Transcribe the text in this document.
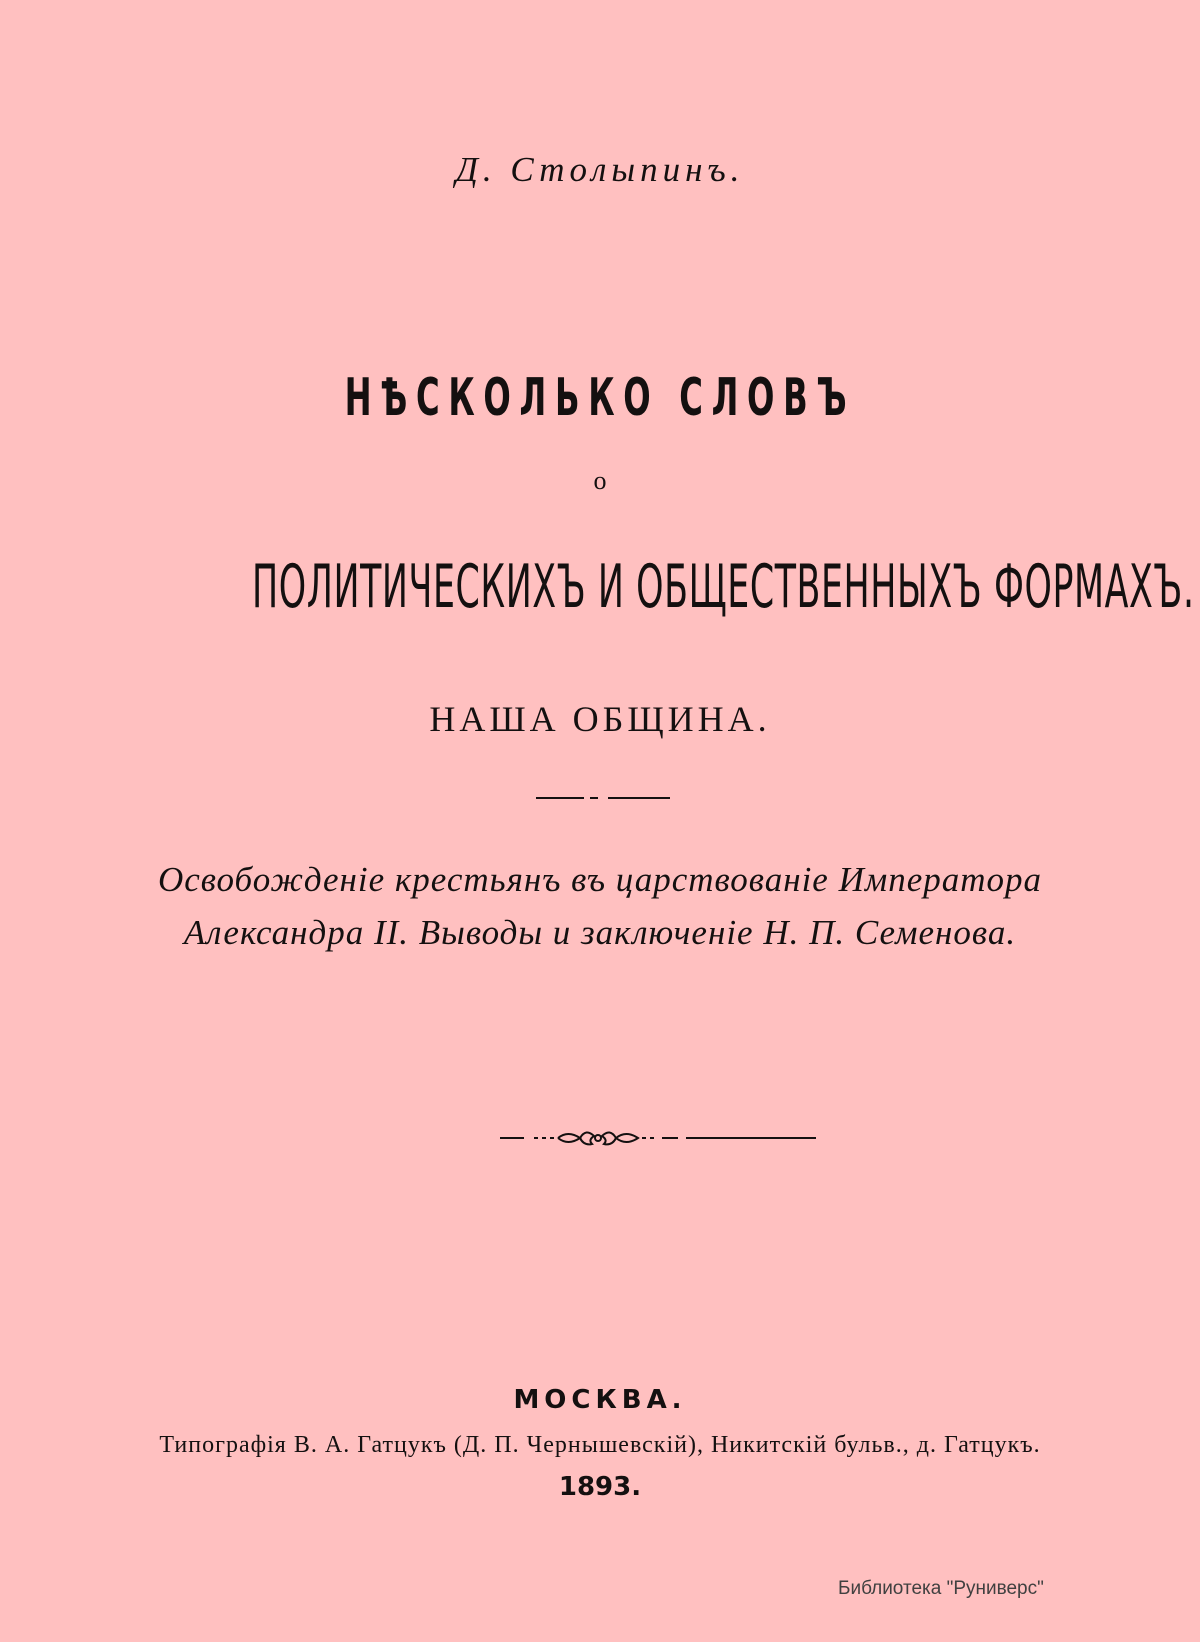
Д. Столыпинъ.
НѢСКОЛЬКО СЛОВЪ
о
ПОЛИТИЧЕСКИХЪ И ОБЩЕСТВЕННЫХЪ ФОРМАХЪ.
НАША ОБЩИНА.
Освобожденіе крестьянъ въ царствованіе Императора
Александра II. Выводы и заключеніе Н. П. Семенова.
МОСКВА.
Типографія В. А. Гатцукъ (Д. П. Чернышевскій), Никитскій бульв., д. Гатцукъ.
1893.
Библиотека "Руниверс"
